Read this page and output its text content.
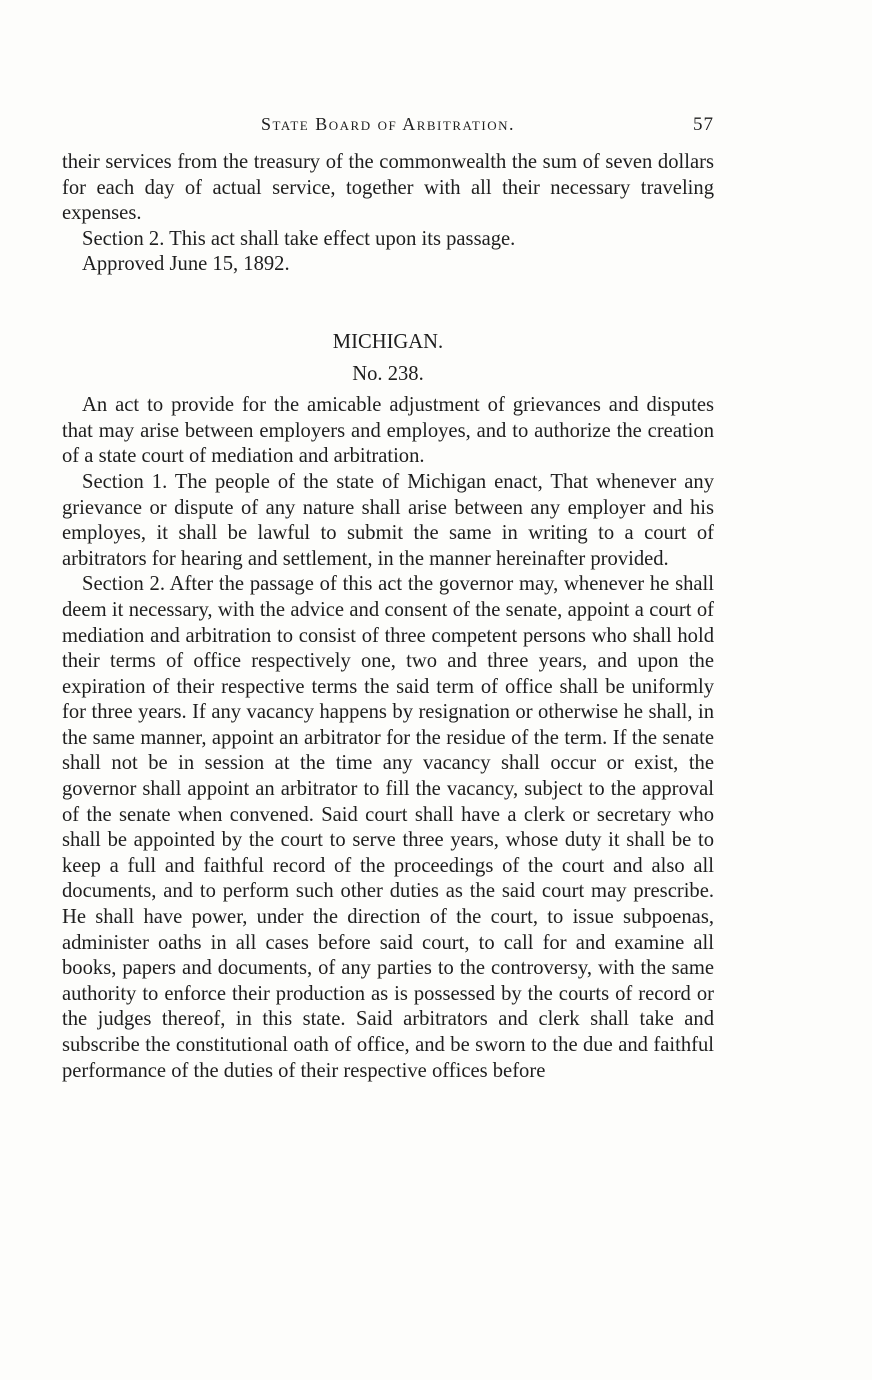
State Board of Arbitration.	57

their services from the treasury of the commonwealth the sum of seven dollars for each day of actual service, together with all their necessary traveling expenses.

Section 2. This act shall take effect upon its passage.

Approved June 15, 1892.

MICHIGAN.
No. 238.

An act to provide for the amicable adjustment of grievances and disputes that may arise between employers and employes, and to authorize the creation of a state court of mediation and arbitration.

Section 1. The people of the state of Michigan enact, That whenever any grievance or dispute of any nature shall arise between any employer and his employes, it shall be lawful to submit the same in writing to a court of arbitrators for hearing and settlement, in the manner hereinafter provided.

Section 2. After the passage of this act the governor may, whenever he shall deem it necessary, with the advice and consent of the senate, appoint a court of mediation and arbitration to consist of three competent persons who shall hold their terms of office respectively one, two and three years, and upon the expiration of their respective terms the said term of office shall be uniformly for three years. If any vacancy happens by resignation or otherwise he shall, in the same manner, appoint an arbitrator for the residue of the term. If the senate shall not be in session at the time any vacancy shall occur or exist, the governor shall appoint an arbitrator to fill the vacancy, subject to the approval of the senate when convened. Said court shall have a clerk or secretary who shall be appointed by the court to serve three years, whose duty it shall be to keep a full and faithful record of the proceedings of the court and also all documents, and to perform such other duties as the said court may prescribe. He shall have power, under the direction of the court, to issue subpoenas, administer oaths in all cases before said court, to call for and examine all books, papers and documents, of any parties to the controversy, with the same authority to enforce their production as is possessed by the courts of record or the judges thereof, in this state. Said arbitrators and clerk shall take and subscribe the constitutional oath of office, and be sworn to the due and faithful performance of the duties of their respective offices before
